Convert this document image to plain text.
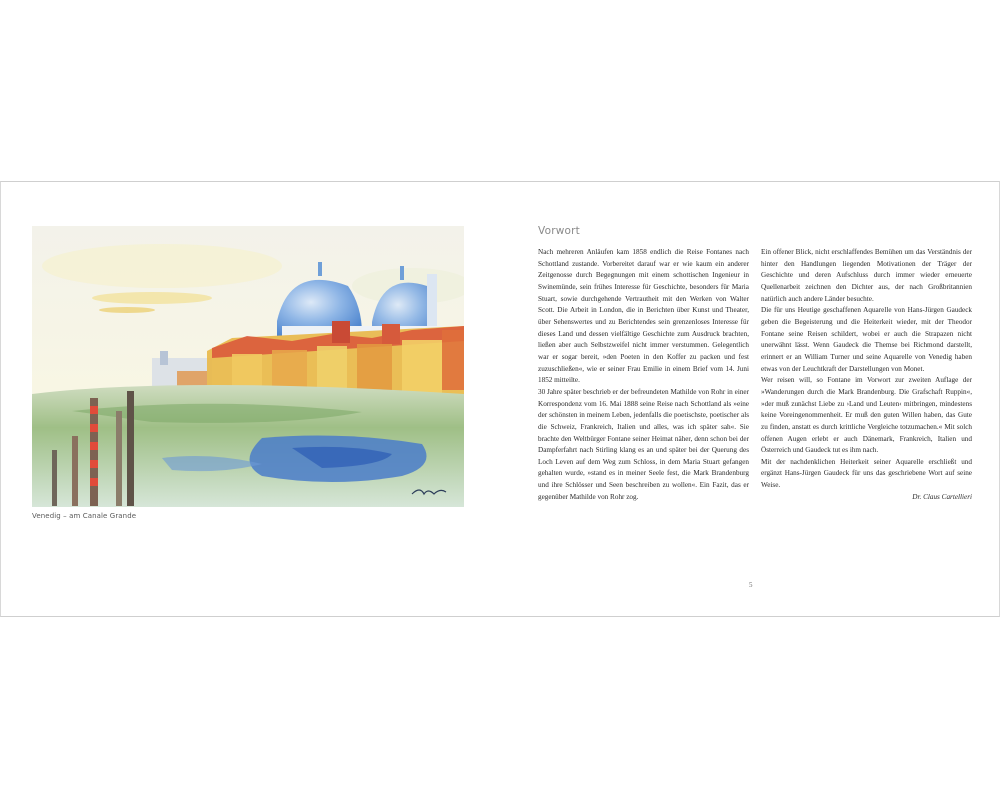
Venedig – am Canale Grande
Vorwort

Nach mehreren Anläufen kam 1858 endlich die Reise Fontanes nach Schottland zustande. Vorbereitet darauf war er wie kaum ein anderer Zeitgenosse durch Begegnungen mit einem schottischen Ingenieur in Swinemünde, sein frühes Interesse für Geschichte, besonders für Maria Stuart, sowie durchgehende Vertrautheit mit den Werken von Walter Scott. Die Arbeit in London, die in Berichten über Kunst und Theater, über Sehenswertes und zu Berichtendes sein grenzenloses Interesse für dieses Land und dessen vielfältige Geschichte zum Ausdruck brachten, ließen aber auch Selbstzweifel nicht immer verstummen. Gelegentlich war er sogar bereit, »den Poeten in den Koffer zu packen und fest zuzuschließen«, wie er seiner Frau Emilie in einem Brief vom 14. Juni 1852 mitteilte.

30 Jahre später beschrieb er der befreundeten Mathilde von Rohr in einer Korrespondenz vom 16. Mai 1888 seine Reise nach Schottland als »eine der schönsten in meinem Leben, jedenfalls die poetischste, poetischer als die Schweiz, Frankreich, Italien und alles, was ich später sah«. Sie brachte den Weltbürger Fontane seiner Heimat näher, denn schon bei der Dampferfahrt nach Stirling klang es an und später bei der Querung des Loch Leven auf dem Weg zum Schloss, in dem Maria Stuart gefangen gehalten wurde, »stand es in meiner Seele fest, die Mark Brandenburg und ihre Schlösser und Seen beschreiben zu wollen«. Ein Fazit, das er gegenüber Mathilde von Rohr zog.

Ein offener Blick, nicht erschlaffendes Bemühen um das Verständnis der hinter den Handlungen liegenden Motivationen der Träger der Geschichte und deren Aufschluss durch immer wieder erneuerte Quellenarbeit zeichnen den Dichter aus, der nach Großbritannien natürlich auch andere Länder besuchte.

Die für uns Heutige geschaffenen Aquarelle von Hans-Jürgen Gaudeck geben die Begeisterung und die Heiterkeit wieder, mit der Theodor Fontane seine Reisen schildert, wobei er auch die Strapazen nicht unerwähnt lässt. Wenn Gaudeck die Themse bei Richmond darstellt, erinnert er an William Turner und seine Aquarelle von Venedig haben etwas von der Leuchtkraft der Darstellungen von Monet.

Wer reisen will, so Fontane im Vorwort zur zweiten Auflage der »Wanderungen durch die Mark Brandenburg. Die Grafschaft Ruppin«, »der muß zunächst Liebe zu ›Land und Leuten‹ mitbringen, mindestens keine Voreingenommenheit. Er muß den guten Willen haben, das Gute zu finden, anstatt es durch krittliche Vergleiche totzumachen.« Mit solch offenen Augen erlebt er auch Dänemark, Frankreich, Italien und Österreich und Gaudeck tut es ihm nach.

Mit der nachdenklichen Heiterkeit seiner Aquarelle erschließt und ergänzt Hans-Jürgen Gaudeck für uns das geschriebene Wort auf seine Weise.

Dr. Claus Cartellieri

5
